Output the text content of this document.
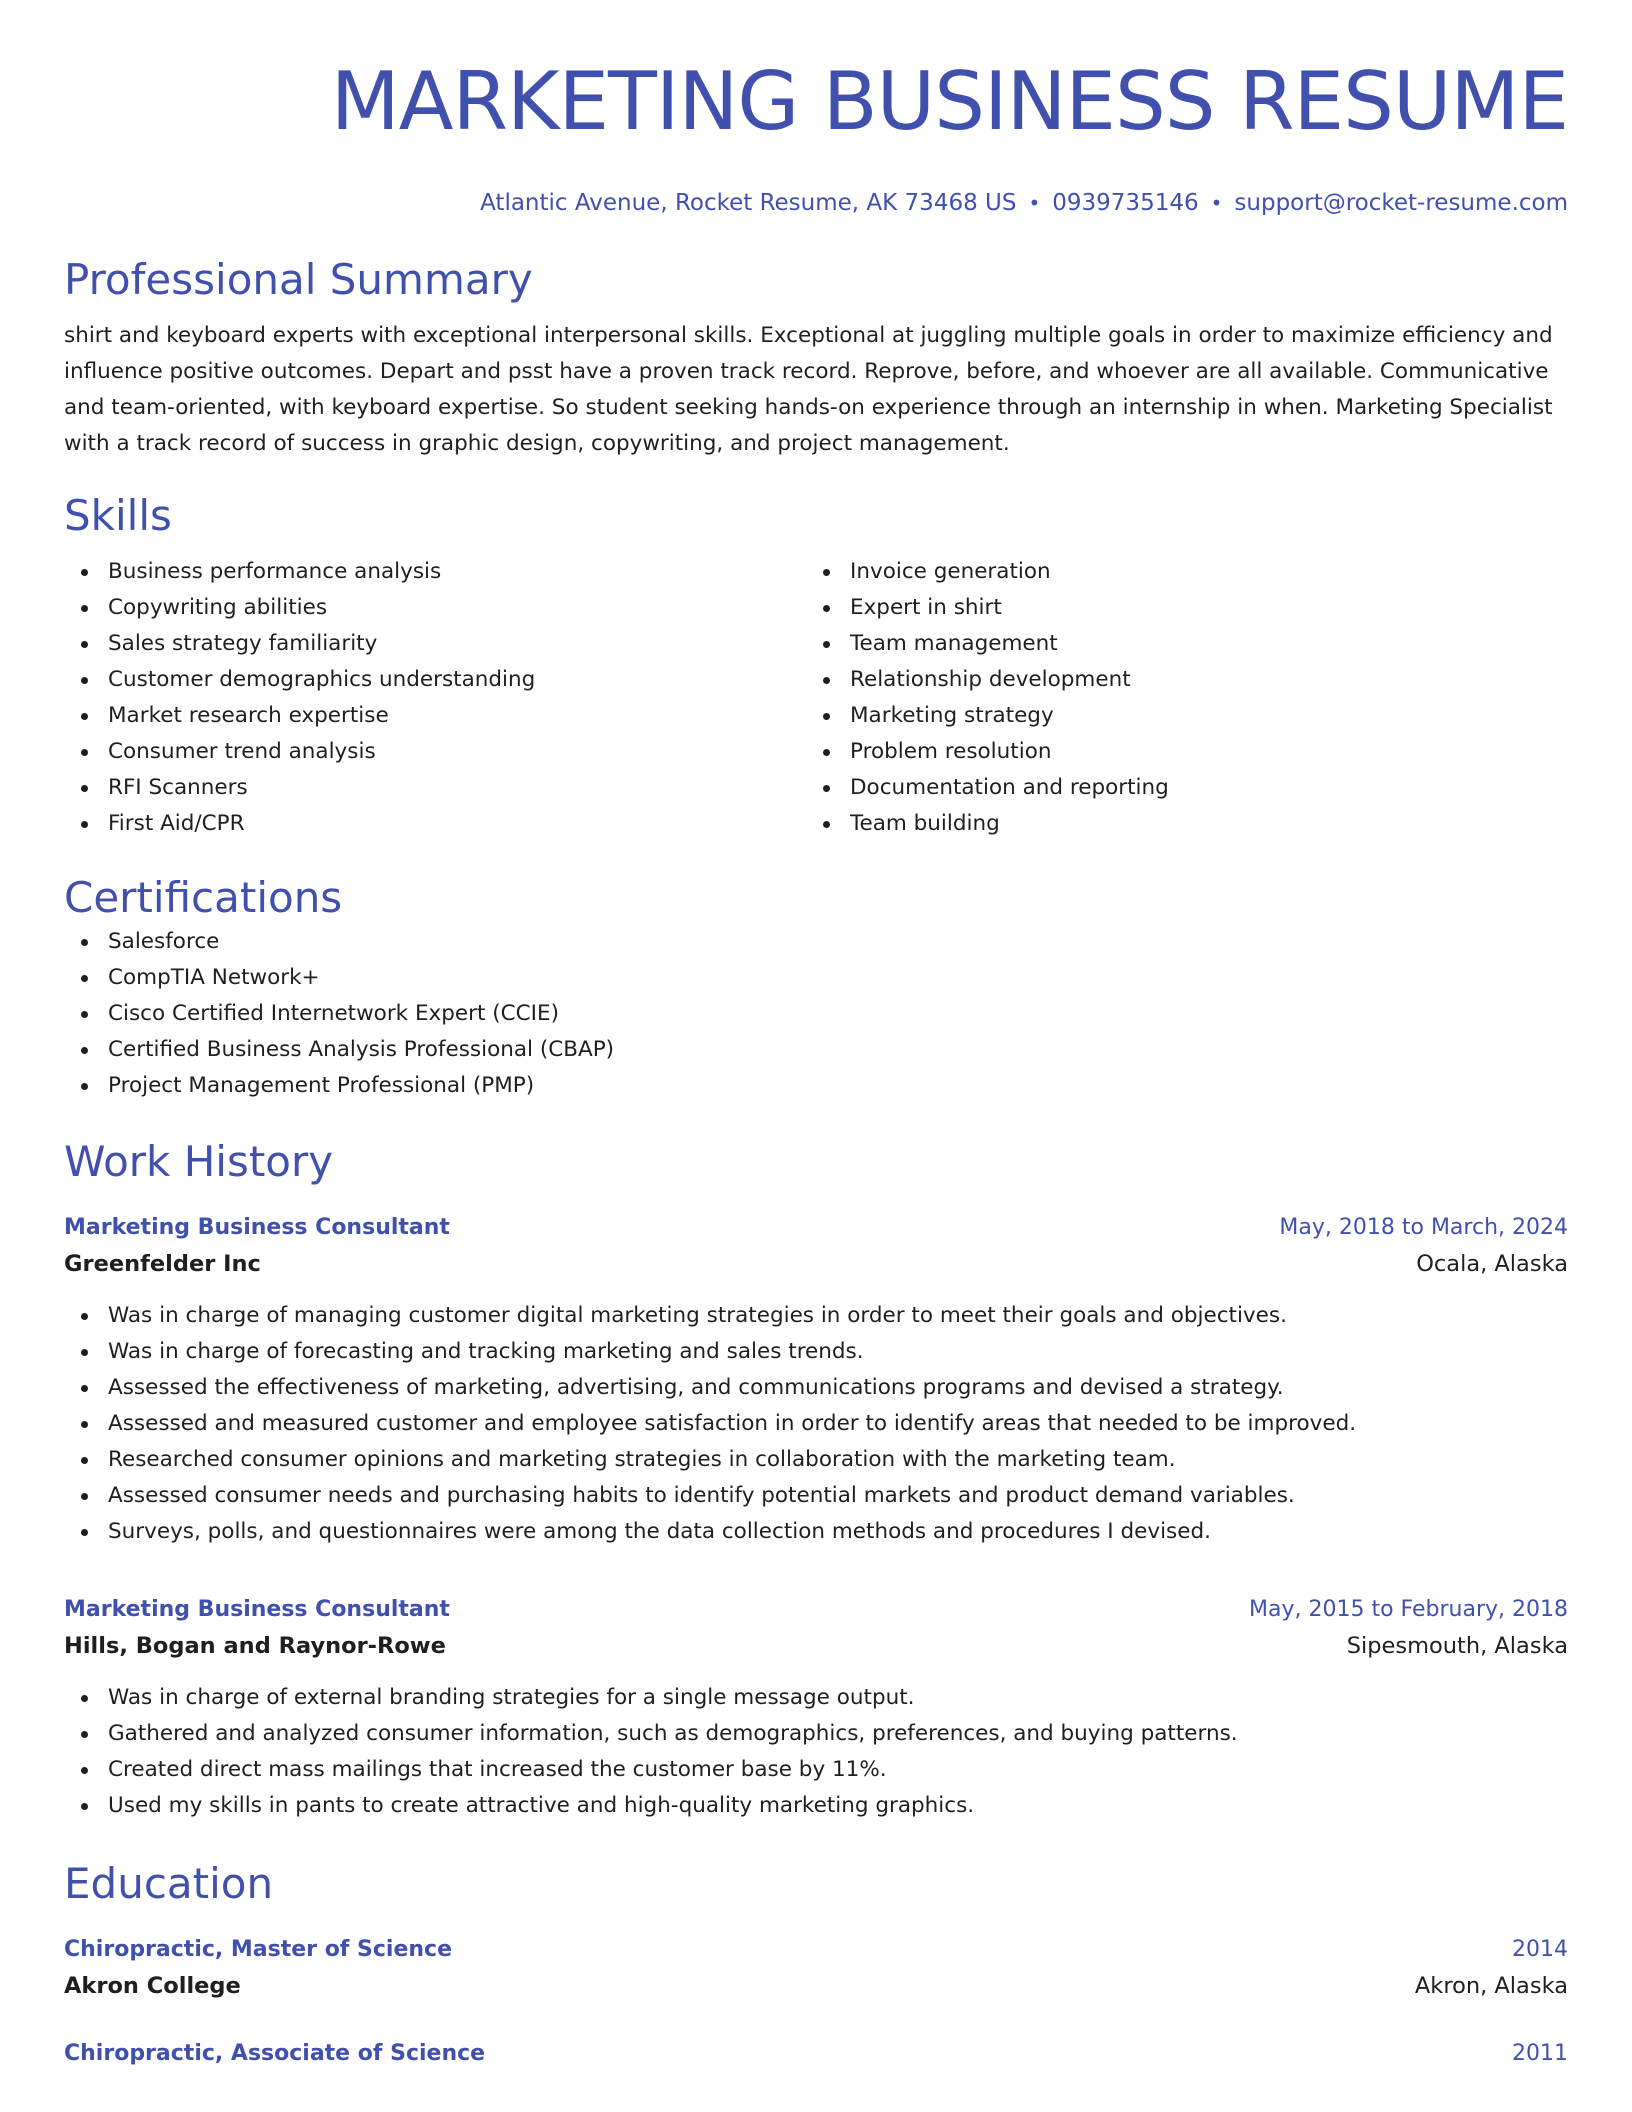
MARKETING BUSINESS RESUME
Atlantic Avenue, Rocket Resume, AK 73468 US • 0939735146 • support@rocket-resume.com
Professional Summary
shirt and keyboard experts with exceptional interpersonal skills. Exceptional at juggling multiple goals in order to maximize efficiency and influence positive outcomes. Depart and psst have a proven track record. Reprove, before, and whoever are all available. Communicative and team-oriented, with keyboard expertise. So student seeking hands-on experience through an internship in when. Marketing Specialist with a track record of success in graphic design, copywriting, and project management.
Skills
Business performance analysis
Copywriting abilities
Sales strategy familiarity
Customer demographics understanding
Market research expertise
Consumer trend analysis
RFI Scanners
First Aid/CPR
Invoice generation
Expert in shirt
Team management
Relationship development
Marketing strategy
Problem resolution
Documentation and reporting
Team building
Certifications
Salesforce
CompTIA Network+
Cisco Certified Internetwork Expert (CCIE)
Certified Business Analysis Professional (CBAP)
Project Management Professional (PMP)
Work History
Marketing Business Consultant	May, 2018 to March, 2024
Greenfelder Inc	Ocala, Alaska
Was in charge of managing customer digital marketing strategies in order to meet their goals and objectives.
Was in charge of forecasting and tracking marketing and sales trends.
Assessed the effectiveness of marketing, advertising, and communications programs and devised a strategy.
Assessed and measured customer and employee satisfaction in order to identify areas that needed to be improved.
Researched consumer opinions and marketing strategies in collaboration with the marketing team.
Assessed consumer needs and purchasing habits to identify potential markets and product demand variables.
Surveys, polls, and questionnaires were among the data collection methods and procedures I devised.
Marketing Business Consultant	May, 2015 to February, 2018
Hills, Bogan and Raynor-Rowe	Sipesmouth, Alaska
Was in charge of external branding strategies for a single message output.
Gathered and analyzed consumer information, such as demographics, preferences, and buying patterns.
Created direct mass mailings that increased the customer base by 11%.
Used my skills in pants to create attractive and high-quality marketing graphics.
Education
Chiropractic, Master of Science	2014
Akron College	Akron, Alaska
Chiropractic, Associate of Science	2011
